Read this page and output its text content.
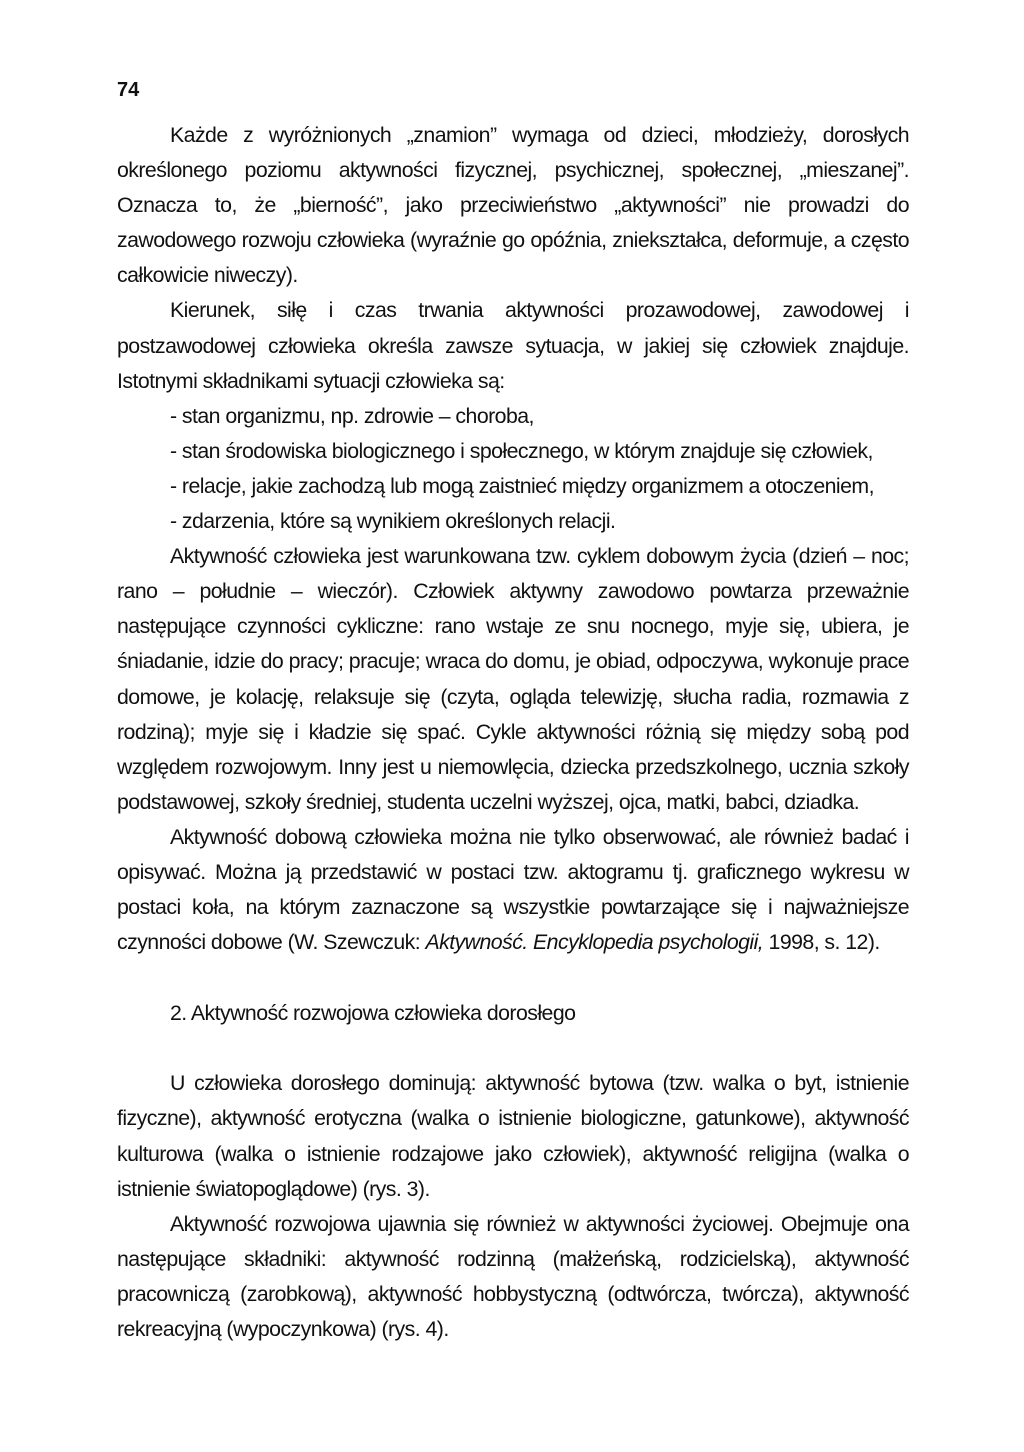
74

Każde z wyróżnionych „znamion” wymaga od dzieci, młodzieży, dorosłych określonego poziomu aktywności fizycznej, psychicznej, społecznej, „mieszanej”. Oznacza to, że „bierność”, jako przeciwieństwo „aktywności” nie prowadzi do zawodowego rozwoju człowieka (wyraźnie go opóźnia, zniekształca, deformuje, a często całkowicie niweczy).

Kierunek, siłę i czas trwania aktywności prozawodowej, zawodowej i postzawodowej człowieka określa zawsze sytuacja, w jakiej się człowiek znajduje. Istotnymi składnikami sytuacji człowieka są:

- stan organizmu, np. zdrowie – choroba,
- stan środowiska biologicznego i społecznego, w którym znajduje się człowiek,
- relacje, jakie zachodzą lub mogą zaistnieć między organizmem a otoczeniem,
- zdarzenia, które są wynikiem określonych relacji.

Aktywność człowieka jest warunkowana tzw. cyklem dobowym życia (dzień – noc; rano – południe – wieczór). Człowiek aktywny zawodowo powtarza przeważnie następujące czynności cykliczne: rano wstaje ze snu nocnego, myje się, ubiera, je śniadanie, idzie do pracy; pracuje; wraca do domu, je obiad, odpoczywa, wykonuje prace domowe, je kolację, relaksuje się (czyta, ogląda telewizję, słucha radia, rozmawia z rodziną); myje się i kładzie się spać. Cykle aktywności różnią się między sobą pod względem rozwojowym. Inny jest u niemowlęcia, dziecka przedszkolnego, ucznia szkoły podstawowej, szkoły średniej, studenta uczelni wyższej, ojca, matki, babci, dziadka.

Aktywność dobową człowieka można nie tylko obserwować, ale również badać i opisywać. Można ją przedstawić w postaci tzw. aktogramu tj. graficznego wykresu w postaci koła, na którym zaznaczone są wszystkie powtarzające się i najważniejsze czynności dobowe (W. Szewczuk: Aktywność. Encyklopedia psychologii, 1998, s. 12).

2. Aktywność rozwojowa człowieka dorosłego

U człowieka dorosłego dominują: aktywność bytowa (tzw. walka o byt, istnienie fizyczne), aktywność erotyczna (walka o istnienie biologiczne, gatunkowe), aktywność kulturowa (walka o istnienie rodzajowe jako człowiek), aktywność religijna (walka o istnienie światopoglądowe) (rys. 3).

Aktywność rozwojowa ujawnia się również w aktywności życiowej. Obejmuje ona następujące składniki: aktywność rodzinną (małżeńską, rodzicielską), aktywność pracowniczą (zarobkową), aktywność hobbystyczną (odtwórcza, twórcza), aktywność rekreacyjną (wypoczynkowa) (rys. 4).
